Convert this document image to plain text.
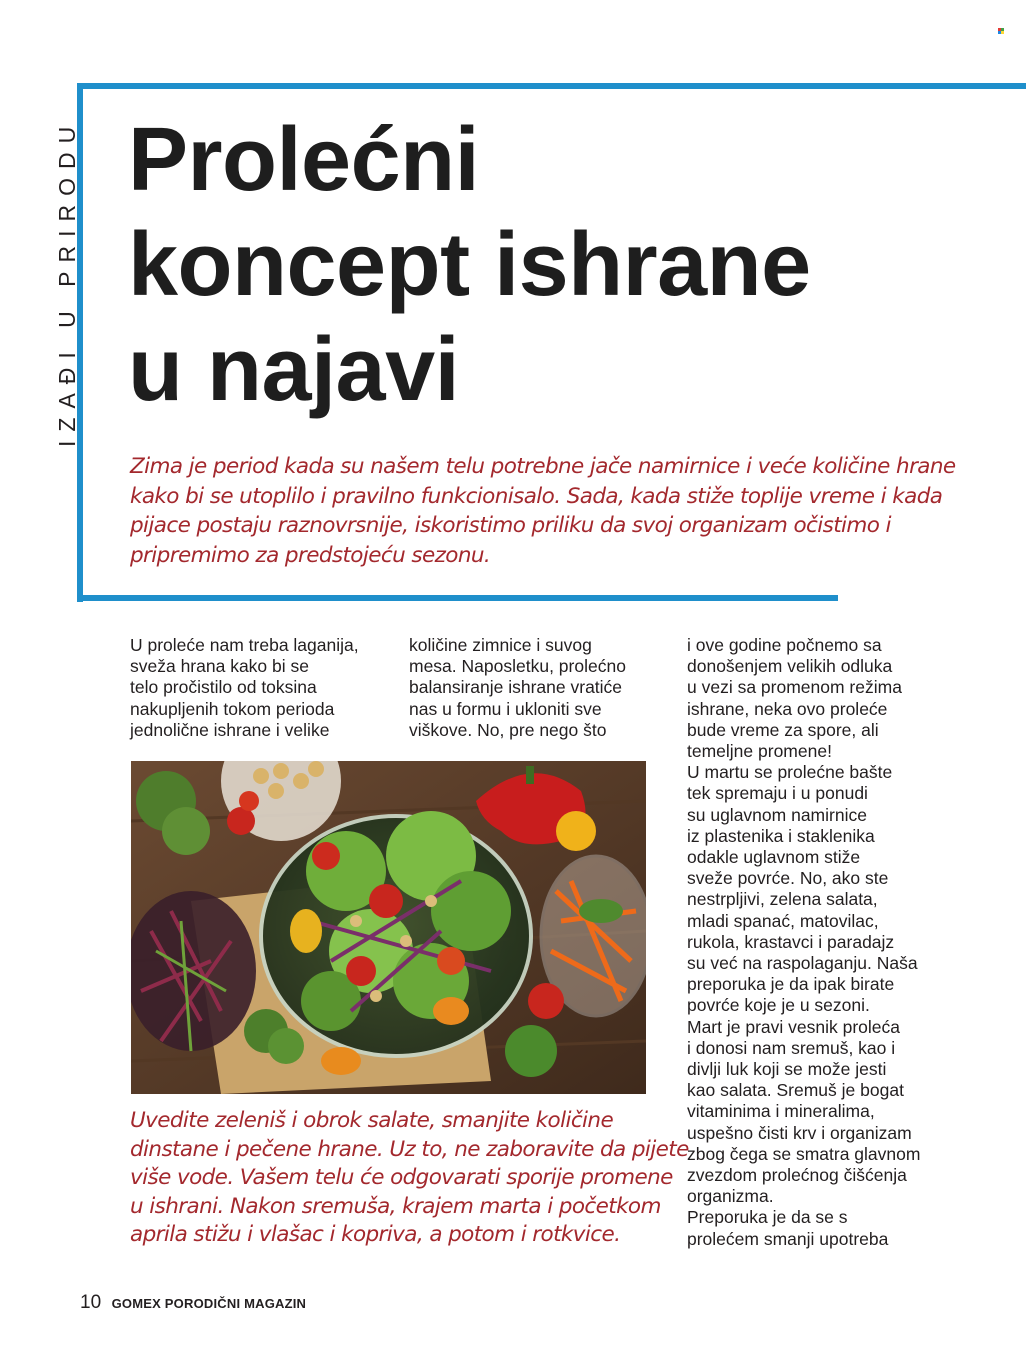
IZAĐI U PRIRODU Prolećni
koncept ishrane
u najavi

Zima je period kada su našem telu potrebne jače namirnice i veće količine hrane
kako bi se utoplilo i pravilno funkcionisalo. Sada, kada stiže toplije vreme i kada
pijace postaju raznovrsnije, iskoristimo priliku da svoj organizam očistimo i
pripremimo za predstojeću sezonu.

U proleće nam treba laganija,
sveža hrana kako bi se
telo pročistilo od toksina
nakupljenih tokom perioda
jednolične ishrane i velike

količine zimnice i suvog
mesa. Naposletku, prolećno
balansiranje ishrane vratiće
nas u formu i ukloniti sve
viškove. No, pre nego što

i ove godine počnemo sa
donošenjem velikih odluka
u vezi sa promenom režima
ishrane, neka ovo proleće
bude vreme za spore, ali
temeljne promene!
U martu se prolećne bašte
tek spremaju i u ponudi
su uglavnom namirnice
iz plastenika i staklenika
odakle uglavnom stiže
sveže povrće. No, ako ste
nestrpljivi, zelena salata,
mladi spanać, matovilac,
rukola, krastavci i paradajz
su već na raspolaganju. Naša
preporuka je da ipak birate
povrće koje je u sezoni.
Mart je pravi vesnik proleća
i donosi nam sremuš, kao i
divlji luk koji se može jesti
kao salata. Sremuš je bogat
vitaminima i mineralima,
uspešno čisti krv i organizam
zbog čega se smatra glavnom
zvezdom prolećnog čišćenja
organizma.
Preporuka je da se s
prolećem smanji upotreba

Uvedite zeleniš i obrok salate, smanjite količine
dinstane i pečene hrane. Uz to, ne zaboravite da pijete
više vode. Vašem telu će odgovarati sporije promene
u ishrani. Nakon sremuša, krajem marta i početkom
aprila stižu i vlašac i kopriva, a potom i rotkvice.

10 GOMEX PORODIČNI MAGAZIN
